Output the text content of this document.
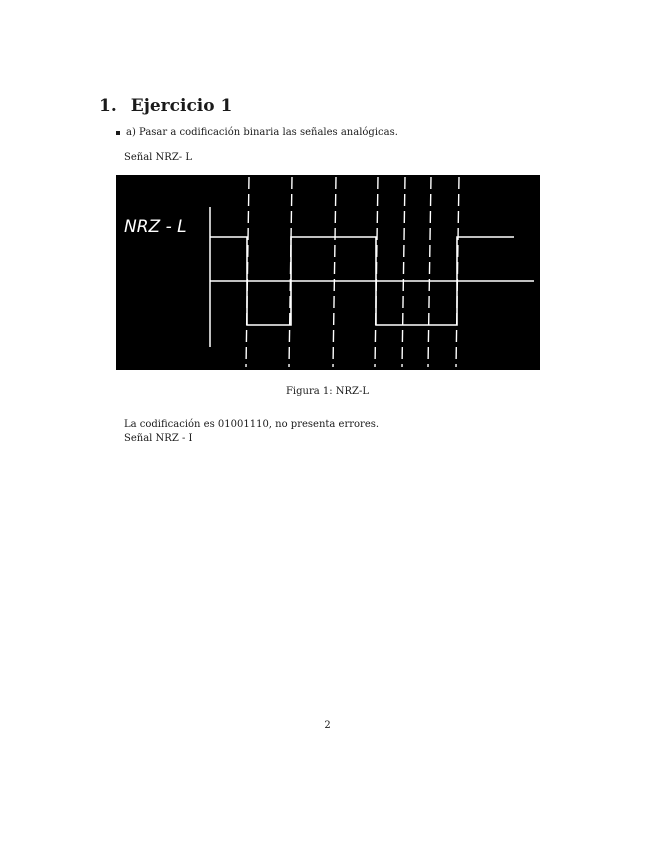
1. Ejercicio 1
a) Pasar a codificación binaria las señales analógicas.

Señal NRZ- L

NRZ - L
Figura 1: NRZ-L

La codificación es 01001110, no presenta errores.

Señal NRZ - I

2
